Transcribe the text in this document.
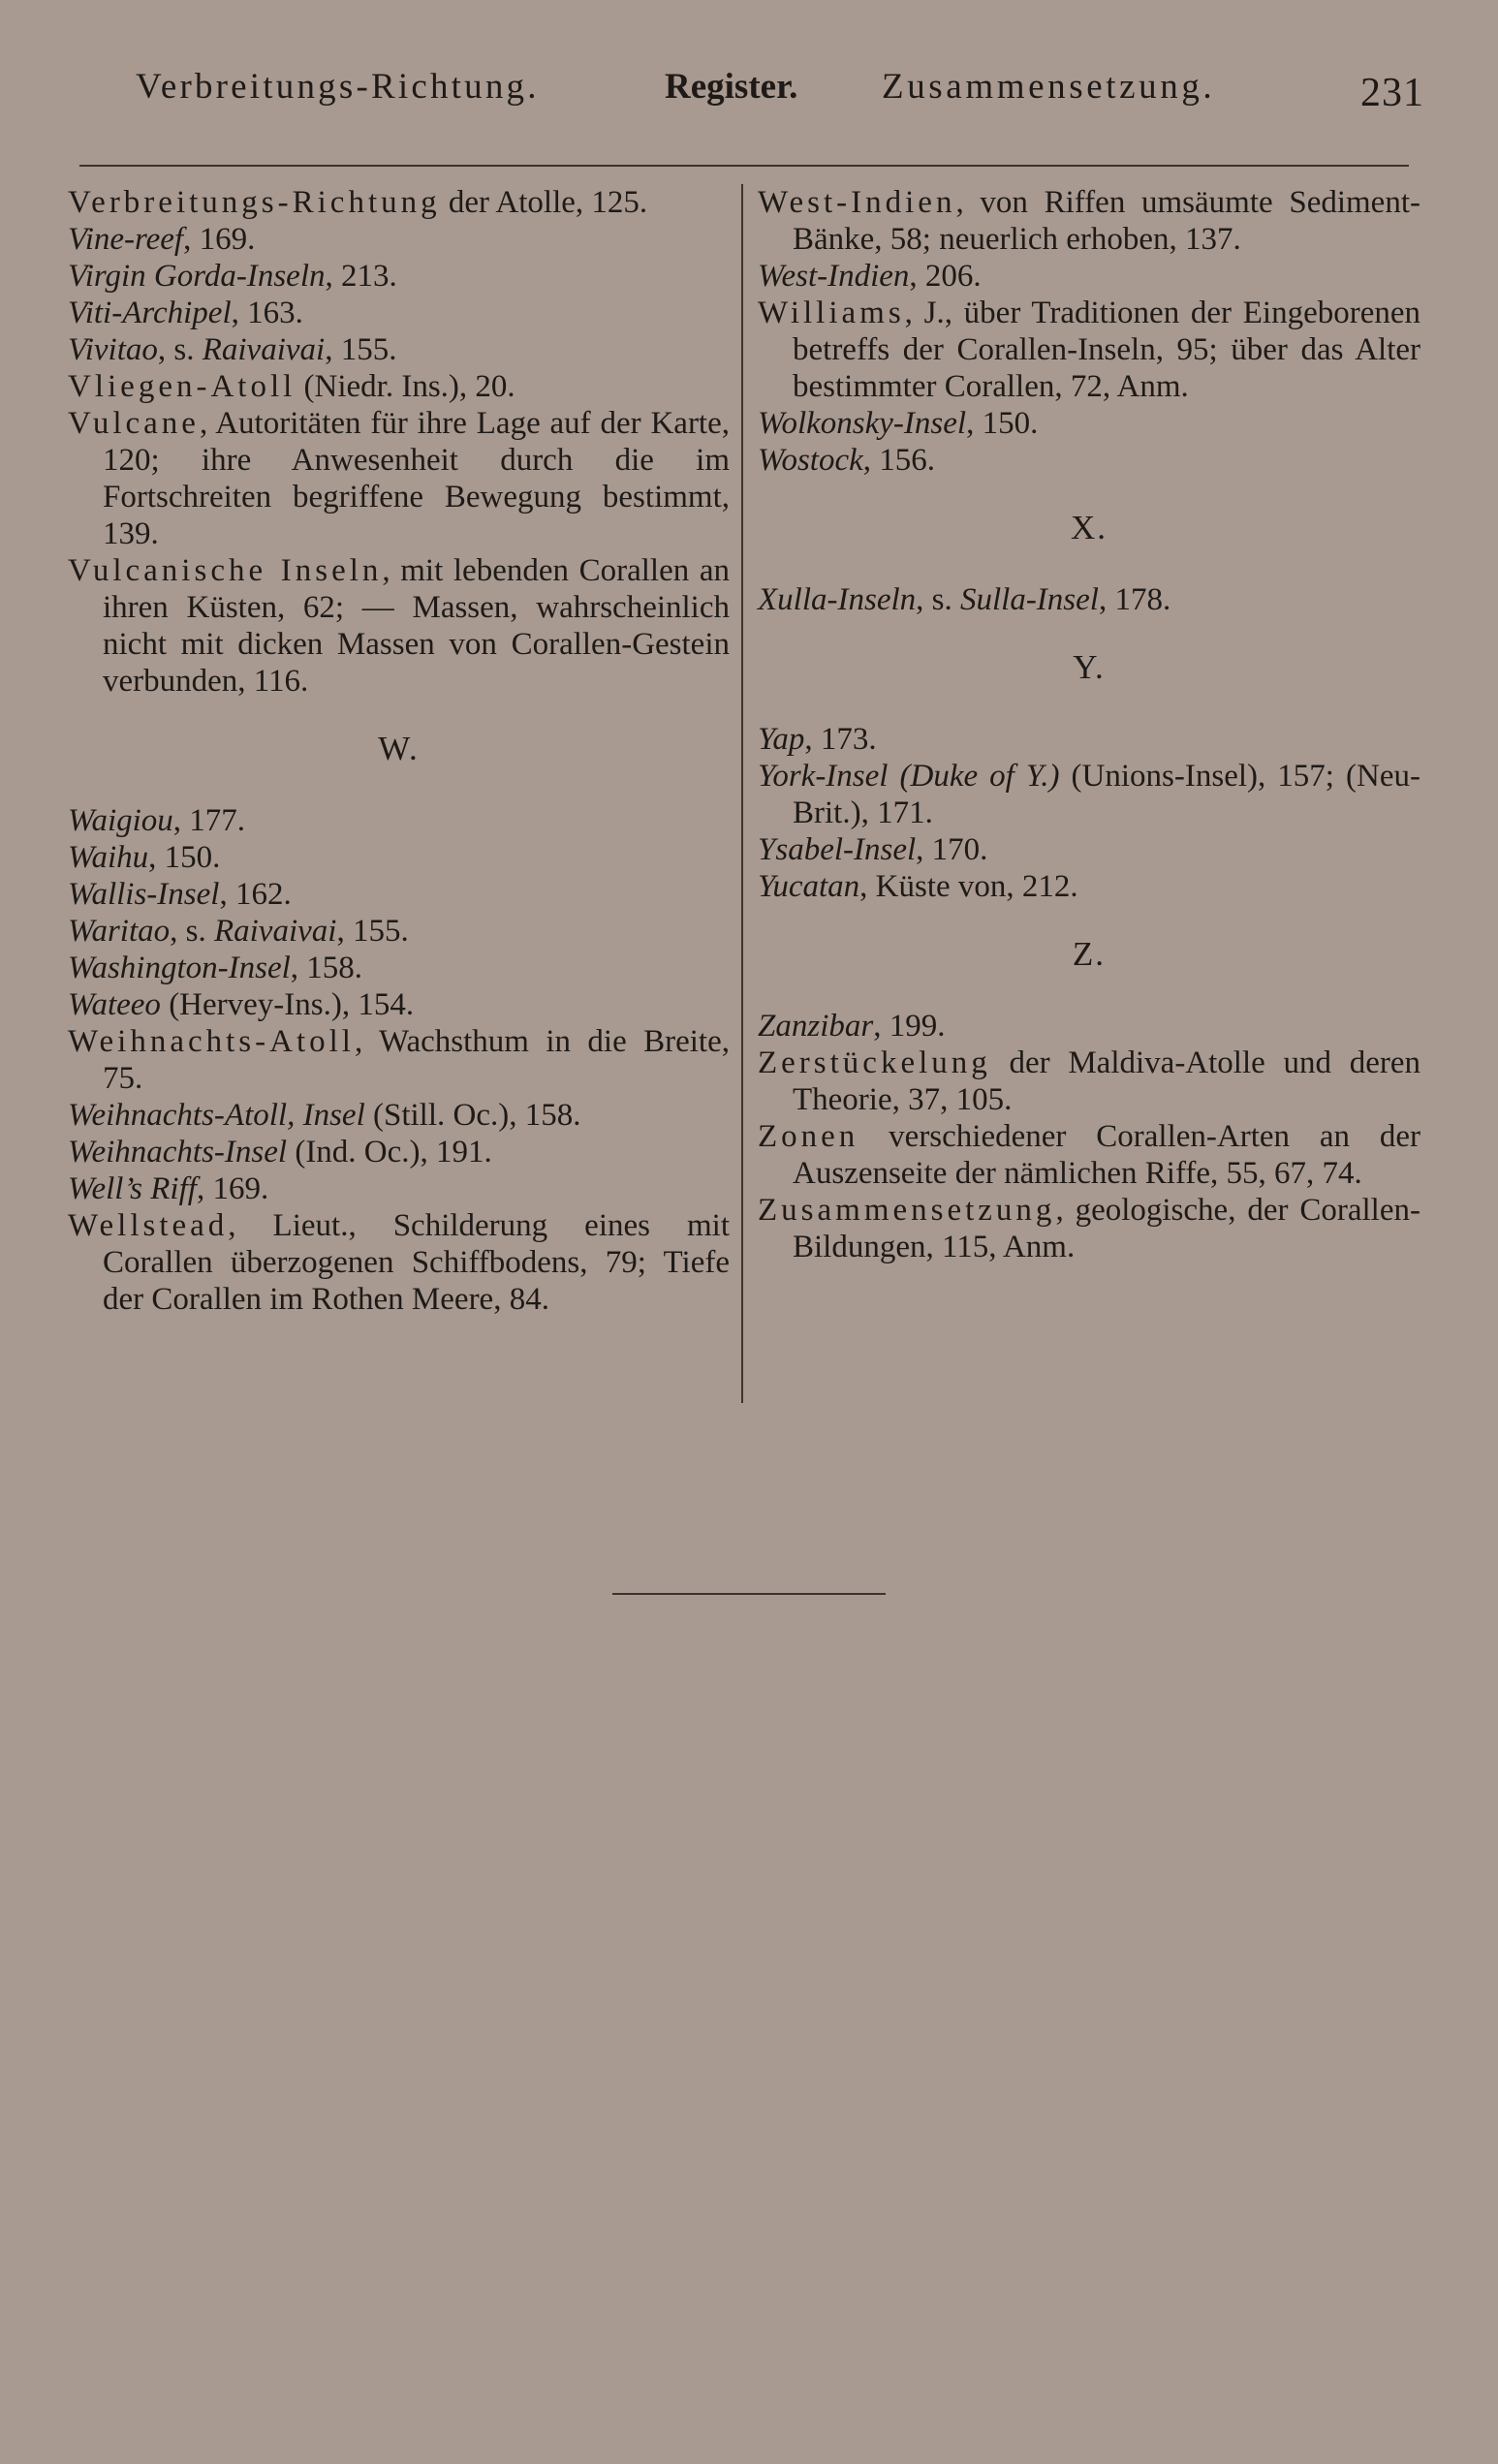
Verbreitungs-Richtung.	Register. Zusammensetzung.	231

Verbreitungs-Richtung der Atolle, 125.

Vine-reef, 169.

Virgin Gorda-Inseln, 213.

Viti-Archipel, 163.

Vivitao, s. Raivaivai, 155.

Vliegen-Atoll (Niedr. Ins.), 20.

Vulcane, Autoritäten für ihre Lage auf der Karte, 120; ihre Anwesenheit durch die im Fortschreiten begriffene Bewegung bestimmt, 139.

Vulcanische Inseln, mit lebenden Corallen an ihren Küsten, 62; — Massen, wahrscheinlich nicht mit dicken Massen von Corallen-Gestein verbunden, 116.

W.

Waigiou, 177.

Waihu, 150.

Wallis-Insel, 162.

Waritao, s. Raivaivai, 155.

Washington-Insel, 158.

Wateeo (Hervey-Ins.), 154.

Weihnachts-Atoll, Wachsthum in die Breite, 75.

Weihnachts-Atoll, Insel (Still. Oc.), 158.

Weihnachts-Insel (Ind. Oc.), 191.

Well’s Riff, 169.

Wellstead, Lieut., Schilderung eines mit Corallen überzogenen Schiffbodens, 79; Tiefe der Corallen im Rothen Meere, 84.

West-Indien, von Riffen umsäumte Sediment-Bänke, 58; neuerlich erhoben, 137.

West-Indien, 206.

Williams, J., über Traditionen der Eingeborenen betreffs der Corallen-Inseln, 95; über das Alter bestimmter Corallen, 72, Anm.

Wolkonsky-Insel, 150.

Wostock, 156.

X.

Xulla-Inseln, s. Sulla-Insel, 178.

Y.

Yap, 173.

York-Insel (Duke of Y.) (Unions-Insel), 157; (Neu-Brit.), 171.

Ysabel-Insel, 170.

Yucatan, Küste von, 212.

Z.

Zanzibar, 199.

Zerstückelung der Maldiva-Atolle und deren Theorie, 37, 105.

Zonen verschiedener Corallen-Arten an der Auszenseite der nämlichen Riffe, 55, 67, 74.

Zusammensetzung, geologische, der Corallen-Bildungen, 115, Anm.
